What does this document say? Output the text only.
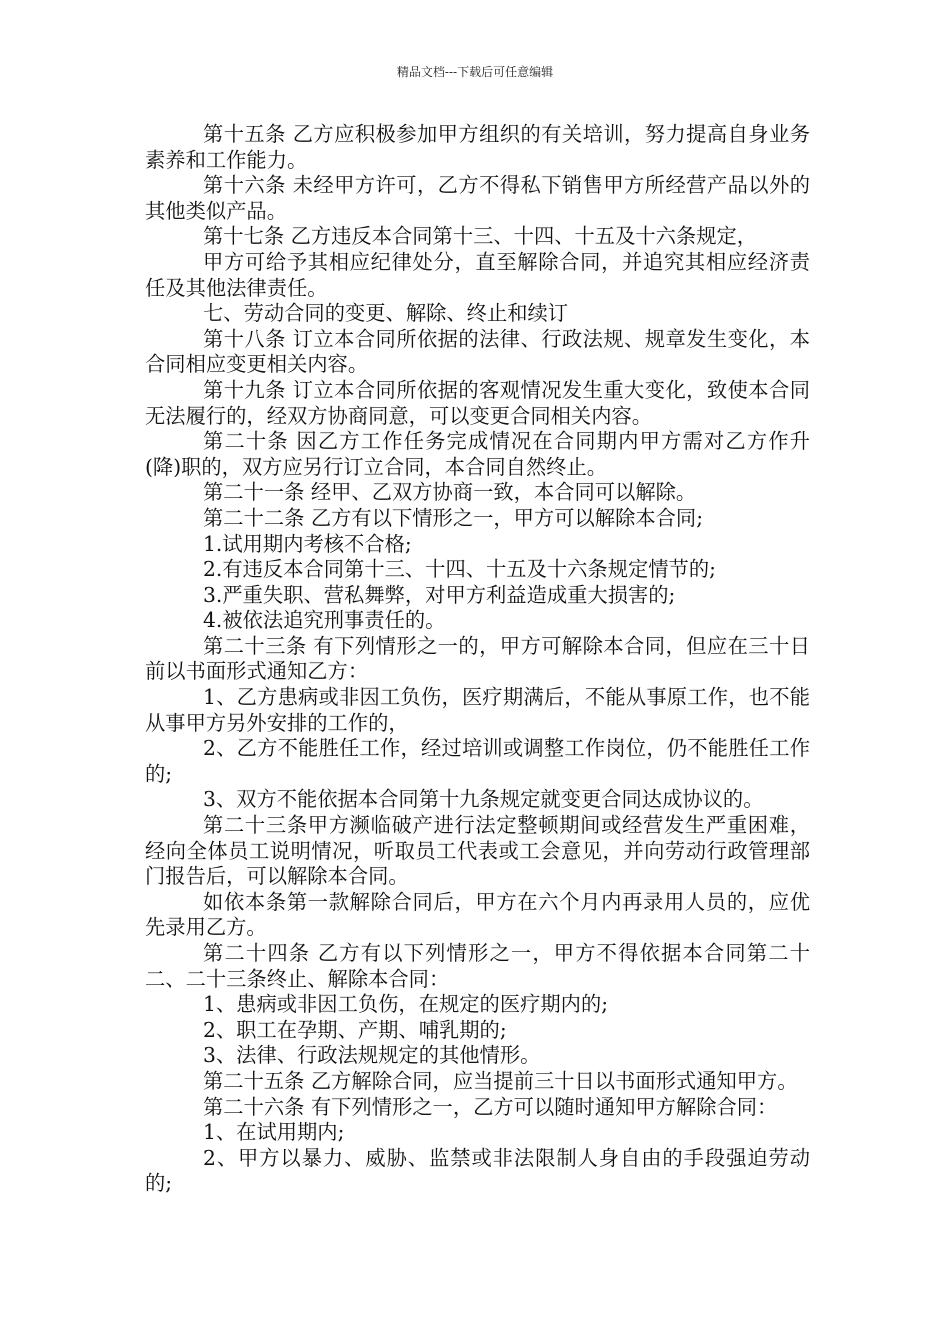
精品文档---下载后可任意编辑

第十五条 乙方应积极参加甲方组织的有关培训，努力提高自身业务素养和工作能力。

第十六条 未经甲方许可，乙方不得私下销售甲方所经营产品以外的其他类似产品。

第十七条 乙方违反本合同第十三、十四、十五及十六条规定，

甲方可给予其相应纪律处分，直至解除合同，并追究其相应经济责任及其他法律责任。

七、劳动合同的变更、解除、终止和续订

第十八条 订立本合同所依据的法律、行政法规、规章发生变化，本合同相应变更相关内容。

第十九条 订立本合同所依据的客观情况发生重大变化，致使本合同无法履行的，经双方协商同意，可以变更合同相关内容。

第二十条 因乙方工作任务完成情况在合同期内甲方需对乙方作升(降)职的，双方应另行订立合同，本合同自然终止。

第二十一条 经甲、乙双方协商一致，本合同可以解除。

第二十二条 乙方有以下情形之一，甲方可以解除本合同;

1.试用期内考核不合格;

2.有违反本合同第十三、十四、十五及十六条规定情节的;

3.严重失职、营私舞弊，对甲方利益造成重大损害的;

4.被依法追究刑事责任的。

第二十三条 有下列情形之一的，甲方可解除本合同，但应在三十日前以书面形式通知乙方：

1、乙方患病或非因工负伤，医疗期满后，不能从事原工作，也不能从事甲方另外安排的工作的，

2、乙方不能胜任工作，经过培训或调整工作岗位，仍不能胜任工作的;

3、双方不能依据本合同第十九条规定就变更合同达成协议的。

第二十三条甲方濒临破产进行法定整顿期间或经营发生严重困难，经向全体员工说明情况，听取员工代表或工会意见，并向劳动行政管理部门报告后，可以解除本合同。

如依本条第一款解除合同后，甲方在六个月内再录用人员的，应优先录用乙方。

第二十四条 乙方有以下列情形之一，甲方不得依据本合同第二十二、二十三条终止、解除本合同：

1、患病或非因工负伤，在规定的医疗期内的;

2、职工在孕期、产期、哺乳期的;

3、法律、行政法规规定的其他情形。

第二十五条 乙方解除合同，应当提前三十日以书面形式通知甲方。

第二十六条 有下列情形之一，乙方可以随时通知甲方解除合同：

1、在试用期内;

2、甲方以暴力、威胁、监禁或非法限制人身自由的手段强迫劳动的;
